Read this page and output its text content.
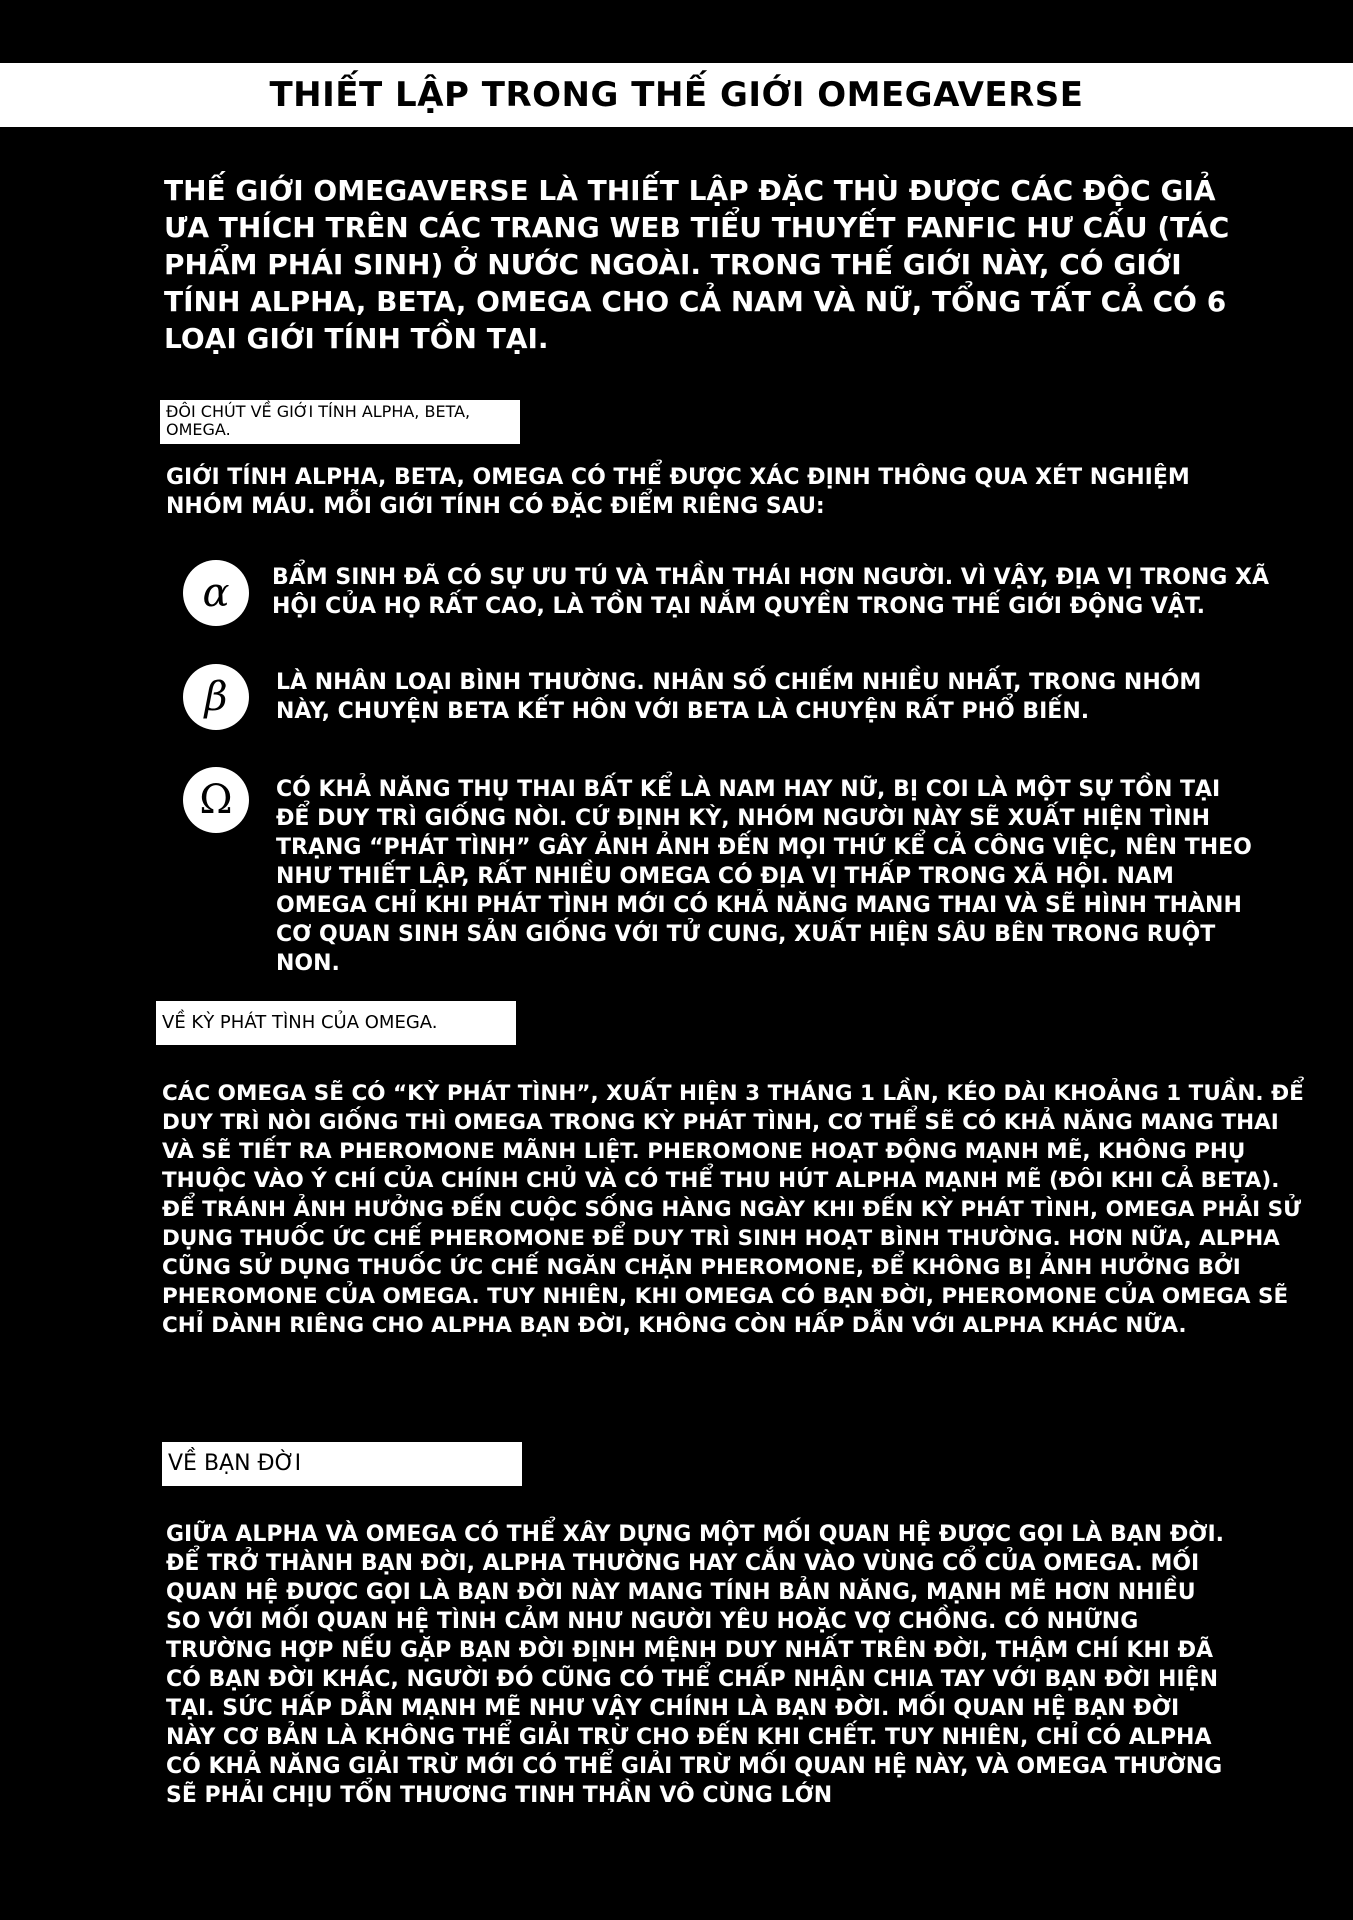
THIẾT LẬP TRONG THẾ GIỚI OMEGAVERSE

THẾ GIỚI OMEGAVERSE LÀ THIẾT LẬP ĐẶC THÙ ĐƯỢC CÁC ĐỘC GIẢ ƯA THÍCH TRÊN CÁC TRANG WEB TIỂU THUYẾT FANFIC HƯ CẤU (TÁC PHẨM PHÁI SINH) Ở NƯỚC NGOÀI. TRONG THẾ GIỚI NÀY, CÓ GIỚI TÍNH ALPHA, BETA, OMEGA CHO CẢ NAM VÀ NỮ, TỔNG TẤT CẢ CÓ 6 LOẠI GIỚI TÍNH TỒN TẠI.

ĐÔI CHÚT VỀ GIỚI TÍNH ALPHA, BETA, OMEGA.

GIỚI TÍNH ALPHA, BETA, OMEGA CÓ THỂ ĐƯỢC XÁC ĐỊNH THÔNG QUA XÉT NGHIỆM NHÓM MÁU. MỖI GIỚI TÍNH CÓ ĐẶC ĐIỂM RIÊNG SAU:

α	BẨM SINH ĐÃ CÓ SỰ ƯU TÚ VÀ THẦN THÁI HƠN NGƯỜI. VÌ VẬY, ĐỊA VỊ TRONG XÃ HỘI CỦA HỌ RẤT CAO, LÀ TỒN TẠI NẮM QUYỀN TRONG THẾ GIỚI ĐỘNG VẬT.

β	LÀ NHÂN LOẠI BÌNH THƯỜNG. NHÂN SỐ CHIẾM NHIỀU NHẤT, TRONG NHÓM NÀY, CHUYỆN BETA KẾT HÔN VỚI BETA LÀ CHUYỆN RẤT PHỔ BIẾN.

Ω	CÓ KHẢ NĂNG THỤ THAI BẤT KỂ LÀ NAM HAY NỮ, BỊ COI LÀ MỘT SỰ TỒN TẠI ĐỂ DUY TRÌ GIỐNG NÒI. CỨ ĐỊNH KỲ, NHÓM NGƯỜI NÀY SẼ XUẤT HIỆN TÌNH TRẠNG “PHÁT TÌNH” GÂY ẢNH ẢNH ĐẾN MỌI THỨ KỂ CẢ CÔNG VIỆC, NÊN THEO NHƯ THIẾT LẬP, RẤT NHIỀU OMEGA CÓ ĐỊA VỊ THẤP TRONG XÃ HỘI. NAM OMEGA CHỈ KHI PHÁT TÌNH MỚI CÓ KHẢ NĂNG MANG THAI VÀ SẼ HÌNH THÀNH CƠ QUAN SINH SẢN GIỐNG VỚI TỬ CUNG, XUẤT HIỆN SÂU BÊN TRONG RUỘT NON.

VỀ KỲ PHÁT TÌNH CỦA OMEGA.

CÁC OMEGA SẼ CÓ “KỲ PHÁT TÌNH”, XUẤT HIỆN 3 THÁNG 1 LẦN, KÉO DÀI KHOẢNG 1 TUẦN. ĐỂ DUY TRÌ NÒI GIỐNG THÌ OMEGA TRONG KỲ PHÁT TÌNH, CƠ THỂ SẼ CÓ KHẢ NĂNG MANG THAI VÀ SẼ TIẾT RA PHEROMONE MÃNH LIỆT. PHEROMONE HOẠT ĐỘNG MẠNH MẼ, KHÔNG PHỤ THUỘC VÀO Ý CHÍ CỦA CHÍNH CHỦ VÀ CÓ THỂ THU HÚT ALPHA MẠNH MẼ (ĐÔI KHI CẢ BETA). ĐỂ TRÁNH ẢNH HƯỞNG ĐẾN CUỘC SỐNG HÀNG NGÀY KHI ĐẾN KỲ PHÁT TÌNH, OMEGA PHẢI SỬ DỤNG THUỐC ỨC CHẾ PHEROMONE ĐỂ DUY TRÌ SINH HOẠT BÌNH THƯỜNG. HƠN NỮA, ALPHA CŨNG SỬ DỤNG THUỐC ỨC CHẾ NGĂN CHẶN PHEROMONE, ĐỂ KHÔNG BỊ ẢNH HƯỞNG BỞI PHEROMONE CỦA OMEGA. TUY NHIÊN, KHI OMEGA CÓ BẠN ĐỜI, PHEROMONE CỦA OMEGA SẼ CHỈ DÀNH RIÊNG CHO ALPHA BẠN ĐỜI, KHÔNG CÒN HẤP DẪN VỚI ALPHA KHÁC NỮA.

VỀ BẠN ĐỜI

GIỮA ALPHA VÀ OMEGA CÓ THỂ XÂY DỰNG MỘT MỐI QUAN HỆ ĐƯỢC GỌI LÀ BẠN ĐỜI. ĐỂ TRỞ THÀNH BẠN ĐỜI, ALPHA THƯỜNG HAY CẮN VÀO VÙNG CỔ CỦA OMEGA. MỐI QUAN HỆ ĐƯỢC GỌI LÀ BẠN ĐỜI NÀY MANG TÍNH BẢN NĂNG, MẠNH MẼ HƠN NHIỀU SO VỚI MỐI QUAN HỆ TÌNH CẢM NHƯ NGƯỜI YÊU HOẶC VỢ CHỒNG. CÓ NHỮNG TRƯỜNG HỢP NẾU GẶP BẠN ĐỜI ĐỊNH MỆNH DUY NHẤT TRÊN ĐỜI, THẬM CHÍ KHI ĐÃ CÓ BẠN ĐỜI KHÁC, NGƯỜI ĐÓ CŨNG CÓ THỂ CHẤP NHẬN CHIA TAY VỚI BẠN ĐỜI HIỆN TẠI. SỨC HẤP DẪN MẠNH MẼ NHƯ VẬY CHÍNH LÀ BẠN ĐỜI. MỐI QUAN HỆ BẠN ĐỜI NÀY CƠ BẢN LÀ KHÔNG THỂ GIẢI TRỪ CHO ĐẾN KHI CHẾT. TUY NHIÊN, CHỈ CÓ ALPHA CÓ KHẢ NĂNG GIẢI TRỪ MỚI CÓ THỂ GIẢI TRỪ MỐI QUAN HỆ NÀY, VÀ OMEGA THƯỜNG SẼ PHẢI CHỊU TỔN THƯƠNG TINH THẦN VÔ CÙNG LỚN
